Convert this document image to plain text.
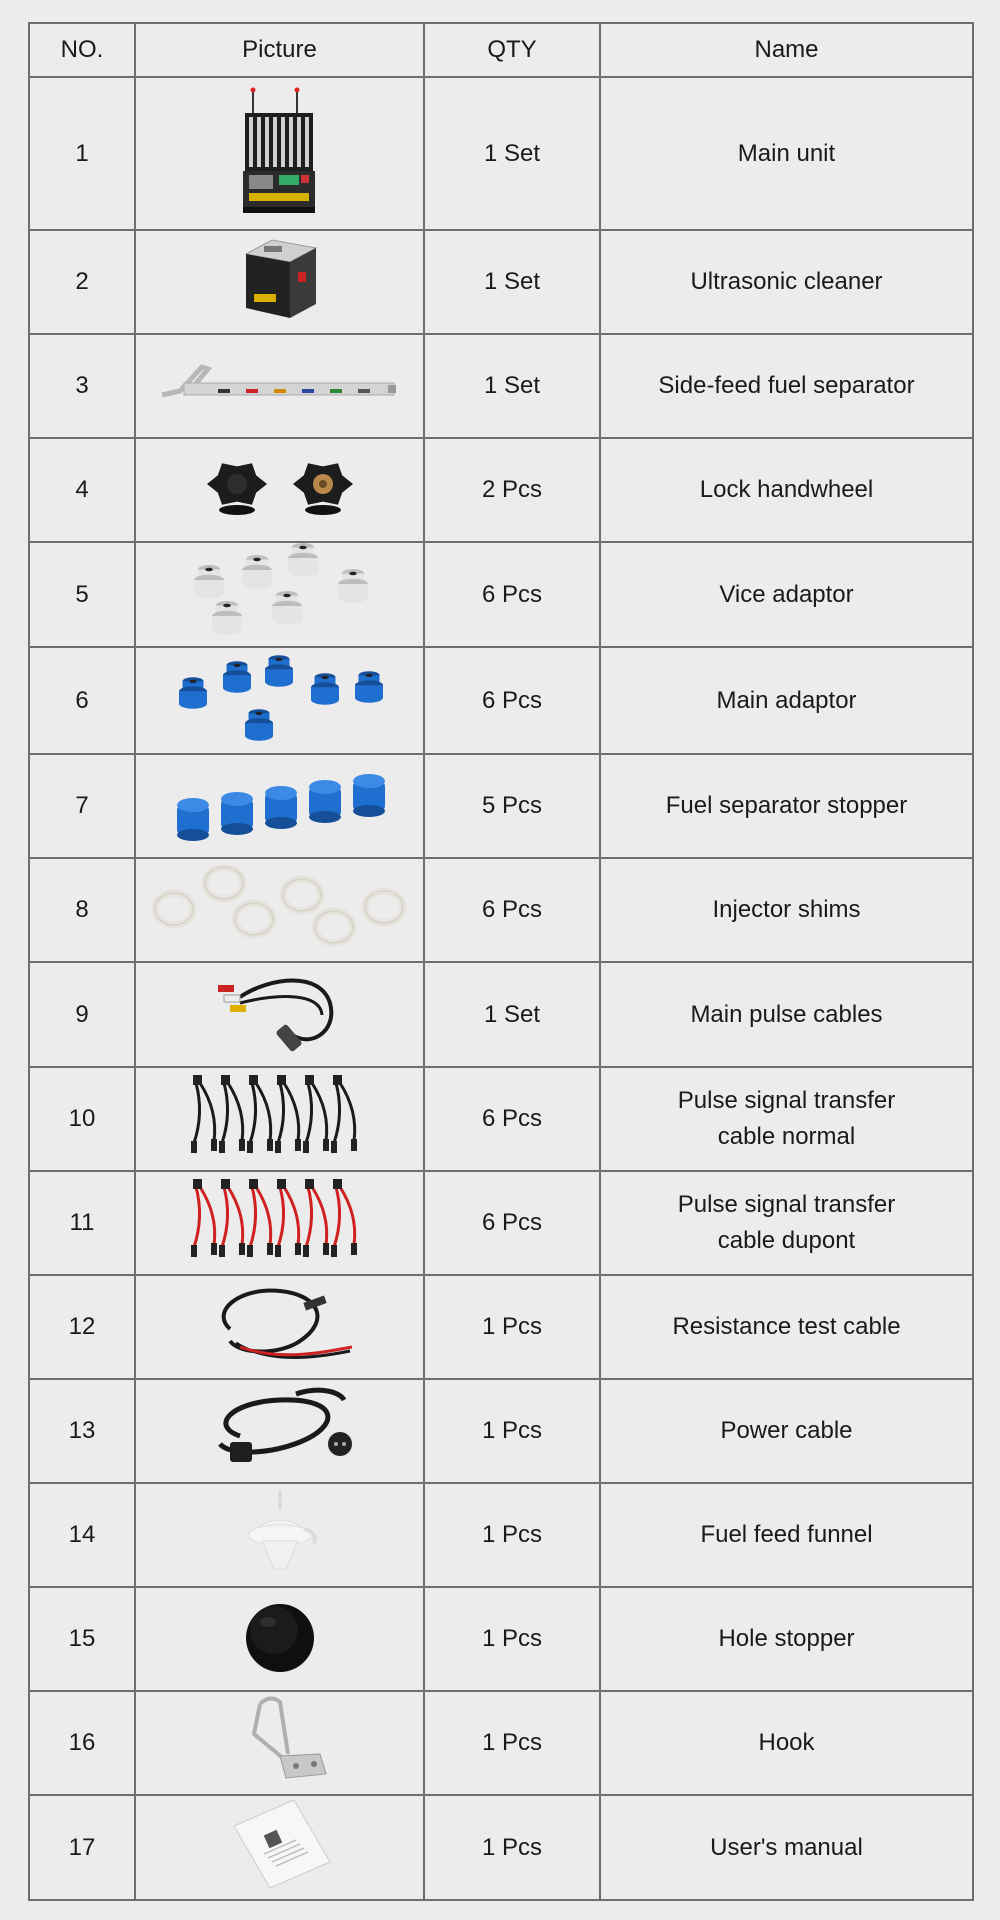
NO.	Picture	QTY	Name
1		1 Set	Main unit

2		1 Set	Ultrasonic cleaner

3		1 Set	Side-feed fuel separator

4		2 Pcs	Lock handwheel

5		6 Pcs	Vice adaptor

6		6 Pcs	Main adaptor

7		5 Pcs	Fuel separator stopper

8		6 Pcs	Injector shims

9		1 Set	Main pulse cables

10		6 Pcs	Pulse signal transfer
cable normal

11		6 Pcs	Pulse signal transfer
cable dupont

12		1 Pcs	Resistance test cable

13		1 Pcs	Power cable

14		1 Pcs	Fuel feed funnel

15		1 Pcs	Hole stopper

16		1 Pcs	Hook

17		1 Pcs	User's manual
